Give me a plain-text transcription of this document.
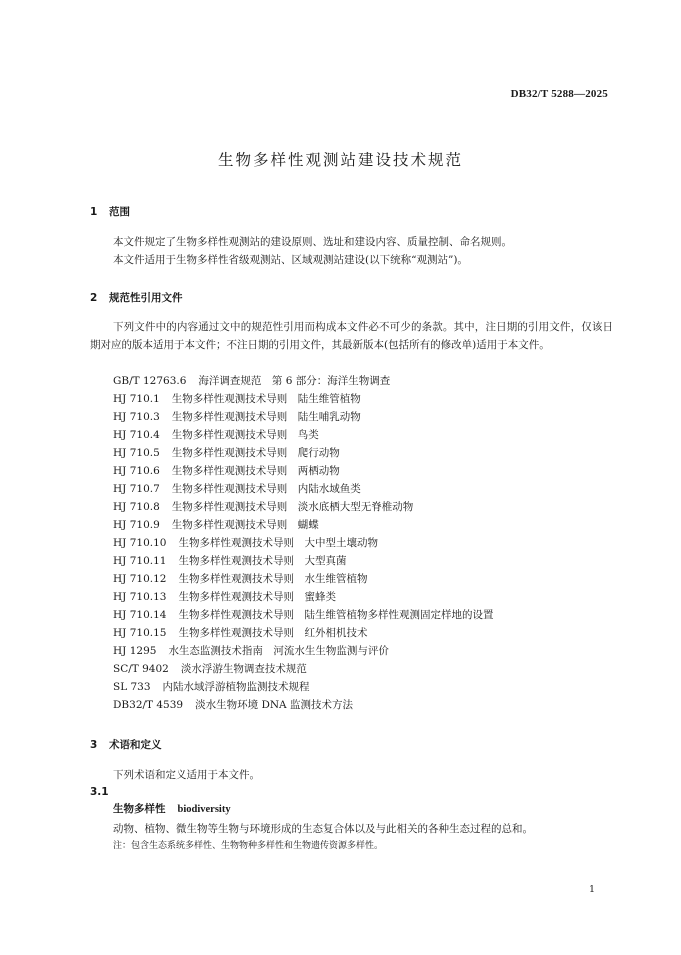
DB32/T 5288—2025
生物多样性观测站建设技术规范
1 范围
本文件规定了生物多样性观测站的建设原则、选址和建设内容、质量控制、命名规则。
本文件适用于生物多样性省级观测站、区域观测站建设(以下统称“观测站”)。
2 规范性引用文件
下列文件中的内容通过文中的规范性引用而构成本文件必不可少的条款。其中，注日期的引用文件，仅该日期对应的版本适用于本文件；不注日期的引用文件，其最新版本(包括所有的修改单)适用于本文件。
GB/T 12763.6 海洋调查规范　第 6 部分：海洋生物调查
HJ 710.1 生物多样性观测技术导则　陆生维管植物
HJ 710.3 生物多样性观测技术导则　陆生哺乳动物
HJ 710.4 生物多样性观测技术导则　鸟类
HJ 710.5 生物多样性观测技术导则　爬行动物
HJ 710.6 生物多样性观测技术导则　两栖动物
HJ 710.7 生物多样性观测技术导则　内陆水域鱼类
HJ 710.8 生物多样性观测技术导则　淡水底栖大型无脊椎动物
HJ 710.9 生物多样性观测技术导则　蝴蝶
HJ 710.10 生物多样性观测技术导则　大中型土壤动物
HJ 710.11 生物多样性观测技术导则　大型真菌
HJ 710.12 生物多样性观测技术导则　水生维管植物
HJ 710.13 生物多样性观测技术导则　蜜蜂类
HJ 710.14 生物多样性观测技术导则　陆生维管植物多样性观测固定样地的设置
HJ 710.15 生物多样性观测技术导则　红外相机技术
HJ 1295 水生态监测技术指南　河流水生生物监测与评价
SC/T 9402 淡水浮游生物调查技术规范
SL 733 内陆水域浮游植物监测技术规程
DB32/T 4539 淡水生物环境 DNA 监测技术方法
3 术语和定义
下列术语和定义适用于本文件。
3.1
生物多样性 biodiversity
动物、植物、微生物等生物与环境形成的生态复合体以及与此相关的各种生态过程的总和。
注：包含生态系统多样性、生物物种多样性和生物遗传资源多样性。
1
